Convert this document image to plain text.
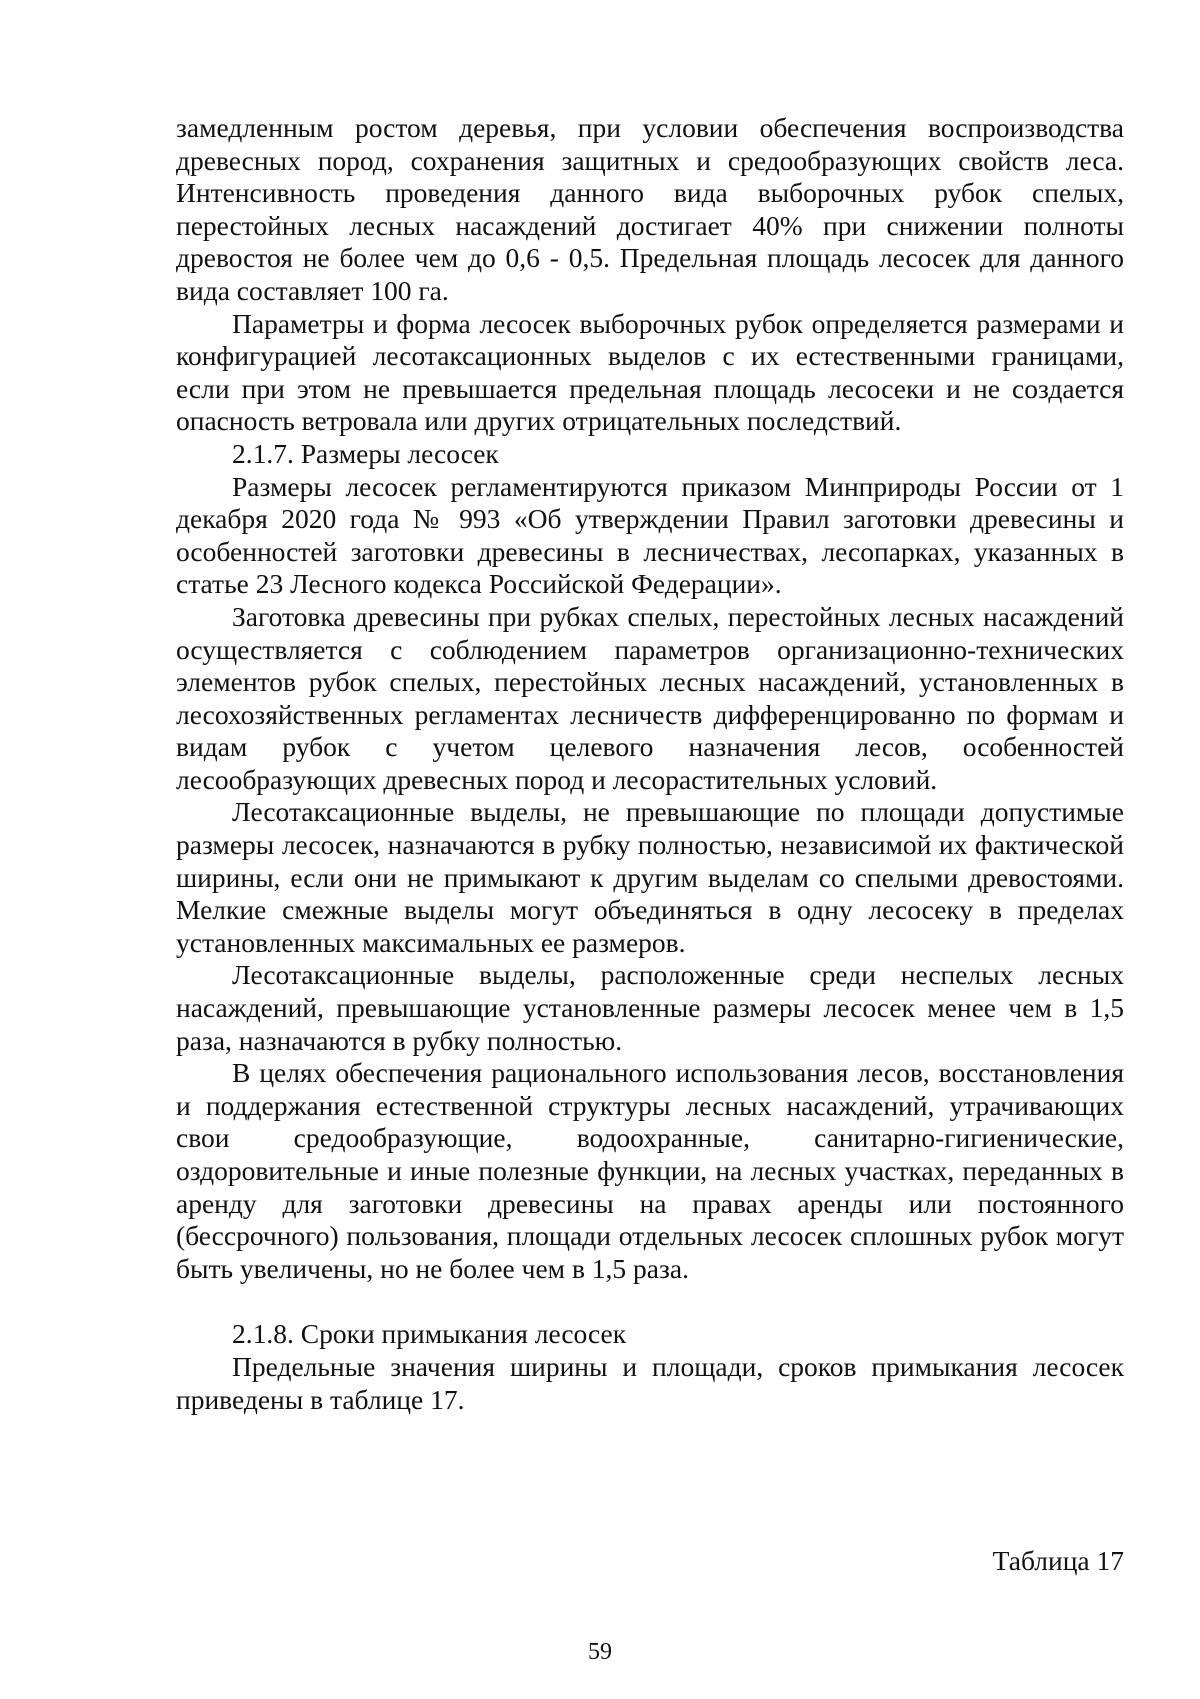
замедленным ростом деревья, при условии обеспечения воспроизводства древесных пород, сохранения защитных и средообразующих свойств леса. Интенсивность проведения данного вида выборочных рубок спелых, перестойных лесных насаждений достигает 40% при снижении полноты древостоя не более чем до 0,6 - 0,5. Предельная площадь лесосек для данного вида составляет 100 га.

Параметры и форма лесосек выборочных рубок определяется размерами и конфигурацией лесотаксационных выделов с их естественными границами, если при этом не превышается предельная площадь лесосеки и не создается опасность ветровала или других отрицательных последствий.

2.1.7. Размеры лесосек

Размеры лесосек регламентируются приказом Минприроды России от 1 декабря 2020 года № 993 «Об утверждении Правил заготовки древесины и особенностей заготовки древесины в лесничествах, лесопарках, указанных в статье 23 Лесного кодекса Российской Федерации».

Заготовка древесины при рубках спелых, перестойных лесных насаждений осуществляется с соблюдением параметров организационно-технических элементов рубок спелых, перестойных лесных насаждений, установленных в лесохозяйственных регламентах лесничеств дифференцированно по формам и видам рубок с учетом целевого назначения лесов, особенностей лесообразующих древесных пород и лесорастительных условий.

Лесотаксационные выделы, не превышающие по площади допустимые размеры лесосек, назначаются в рубку полностью, независимой их фактической ширины, если они не примыкают к другим выделам со спелыми древостоями. Мелкие смежные выделы могут объединяться в одну лесосеку в пределах установленных максимальных ее размеров.

Лесотаксационные выделы, расположенные среди неспелых лесных насаждений, превышающие установленные размеры лесосек менее чем в 1,5 раза, назначаются в рубку полностью.

В целях обеспечения рационального использования лесов, восстановления и поддержания естественной структуры лесных насаждений, утрачивающих свои средообразующие, водоохранные, санитарно-гигиенические, оздоровительные и иные полезные функции, на лесных участках, переданных в аренду для заготовки древесины на правах аренды или постоянного (бессрочного) пользования, площади отдельных лесосек сплошных рубок могут быть увеличены, но не более чем в 1,5 раза.

2.1.8. Сроки примыкания лесосек

Предельные значения ширины и площади, сроков примыкания лесосек приведены в таблице 17.

Таблица 17
59
